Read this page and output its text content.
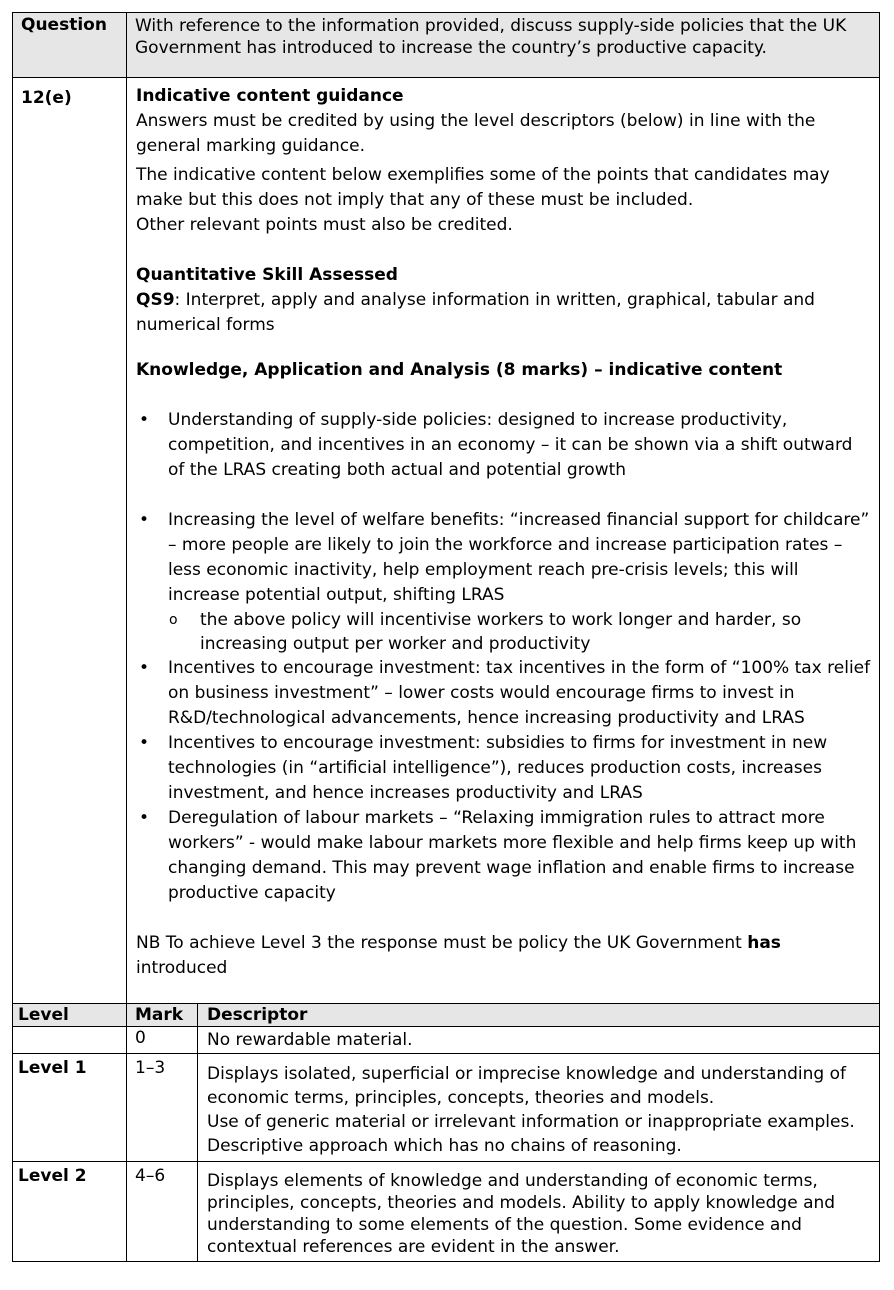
Question	With reference to the information provided, discuss supply-side policies that the UK Government has introduced to increase the country’s productive capacity.	
12(e)	Indicative content guidance

Answers must be credited by using the level descriptors (below) in line with the general marking guidance.

The indicative content below exemplifies some of the points that candidates may make but this does not imply that any of these must be included.

Other relevant points must also be credited.

Quantitative Skill Assessed

QS9: Interpret, apply and analyse information in written, graphical, tabular and numerical forms

Knowledge, Application and Analysis (8 marks) – indicative content

• Understanding of supply-side policies: designed to increase productivity, competition, and incentives in an economy – it can be shown via a shift outward of the LRAS creating both actual and potential growth
• Increasing the level of welfare benefits: “increased financial support for childcare” – more people are likely to join the workforce and increase participation rates – less economic inactivity, help employment reach pre-crisis levels; this will increase potential output, shifting LRAS
o the above policy will incentivise workers to work longer and harder, so increasing output per worker and productivity
• Incentives to encourage investment: tax incentives in the form of “100% tax relief on business investment” – lower costs would encourage firms to invest in R&D/technological advancements, hence increasing productivity and LRAS
• Incentives to encourage investment: subsidies to firms for investment in new technologies (in “artificial intelligence”), reduces production costs, increases investment, and hence increases productivity and LRAS
• Deregulation of labour markets – “Relaxing immigration rules to attract more workers” - would make labour markets more flexible and help firms keep up with changing demand. This may prevent wage inflation and enable firms to increase productive capacity

NB To achieve Level 3 the response must be policy the UK Government has introduced

Level	Mark	Descriptor
	0	No rewardable material.
Level 1	1–3	Displays isolated, superficial or imprecise knowledge and understanding of economic terms, principles, concepts, theories and models.

Use of generic material or irrelevant information or inappropriate examples. Descriptive approach which has no chains of reasoning.

Level 2	4–6	Displays elements of knowledge and understanding of economic terms, principles, concepts, theories and models. Ability to apply knowledge and understanding to some elements of the question. Some evidence and contextual references are evident in the answer.
